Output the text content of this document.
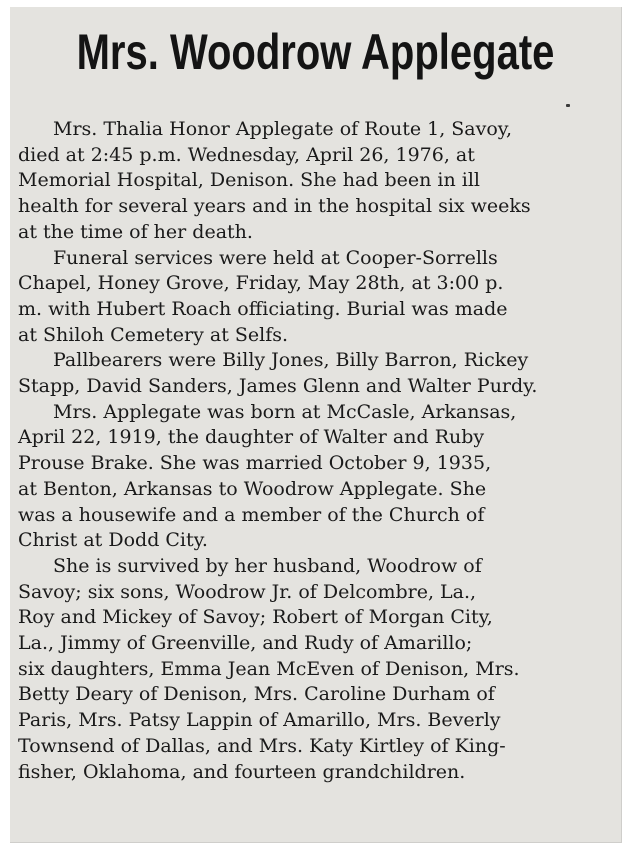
Mrs. Woodrow Applegate
Mrs. Thalia Honor Applegate of Route 1, Savoy,
died at 2:45 p.m. Wednesday, April 26, 1976, at
Memorial Hospital, Denison. She had been in ill
health for several years and in the hospital six weeks
at the time of her death.
Funeral services were held at Cooper-Sorrells
Chapel, Honey Grove, Friday, May 28th, at 3:00 p.
m. with Hubert Roach officiating. Burial was made
at Shiloh Cemetery at Selfs.
Pallbearers were Billy Jones, Billy Barron, Rickey
Stapp, David Sanders, James Glenn and Walter Purdy.
Mrs. Applegate was born at McCasle, Arkansas,
April 22, 1919, the daughter of Walter and Ruby
Prouse Brake. She was married October 9, 1935,
at Benton, Arkansas to Woodrow Applegate. She
was a housewife and a member of the Church of
Christ at Dodd City.
She is survived by her husband, Woodrow of
Savoy; six sons, Woodrow Jr. of Delcombre, La.,
Roy and Mickey of Savoy; Robert of Morgan City,
La., Jimmy of Greenville, and Rudy of Amarillo;
six daughters, Emma Jean McEven of Denison, Mrs.
Betty Deary of Denison, Mrs. Caroline Durham of
Paris, Mrs. Patsy Lappin of Amarillo, Mrs. Beverly
Townsend of Dallas, and Mrs. Katy Kirtley of King-
fisher, Oklahoma, and fourteen grandchildren.
